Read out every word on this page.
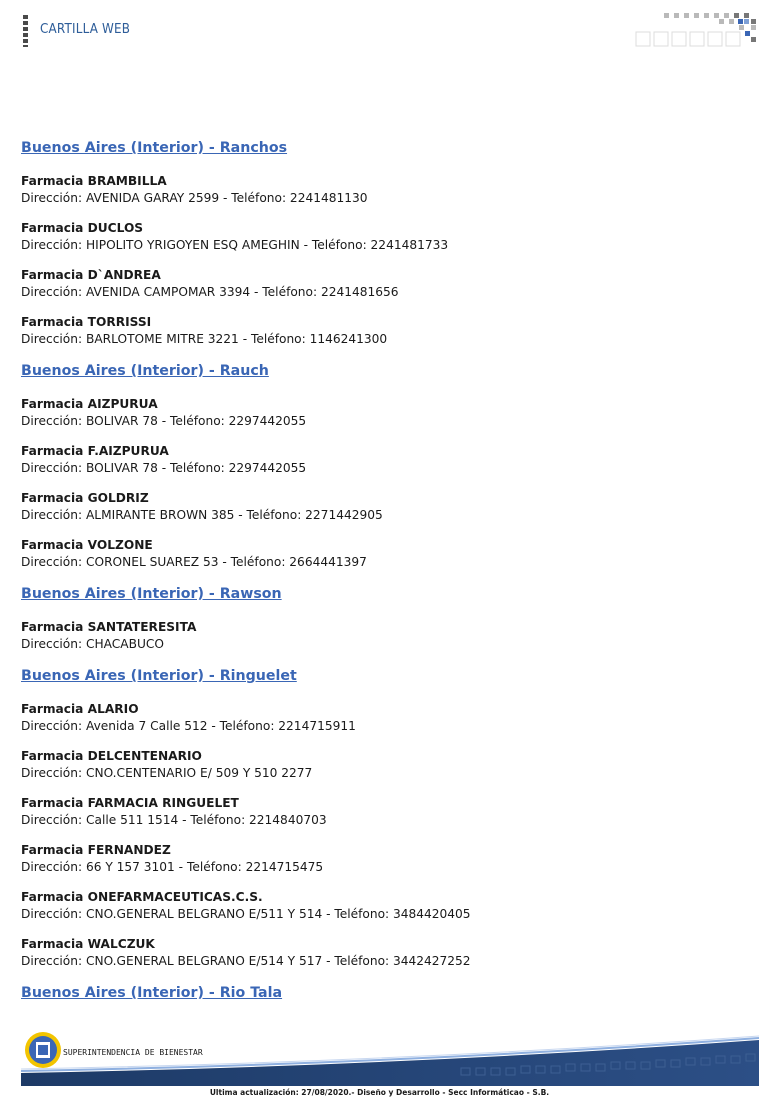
CARTILLA WEB
Buenos Aires (Interior) - Ranchos
Farmacia BRAMBILLA
Dirección: AVENIDA GARAY 2599 - Teléfono: 2241481130
Farmacia DUCLOS
Dirección: HIPOLITO YRIGOYEN ESQ AMEGHIN - Teléfono: 2241481733
Farmacia D`ANDREA
Dirección: AVENIDA CAMPOMAR 3394 - Teléfono: 2241481656
Farmacia TORRISSI
Dirección: BARLOTOME MITRE 3221 - Teléfono: 1146241300
Buenos Aires (Interior) - Rauch
Farmacia AIZPURUA
Dirección: BOLIVAR 78 - Teléfono: 2297442055
Farmacia F.AIZPURUA
Dirección: BOLIVAR 78 - Teléfono: 2297442055
Farmacia GOLDRIZ
Dirección: ALMIRANTE BROWN 385 - Teléfono: 2271442905
Farmacia VOLZONE
Dirección: CORONEL SUAREZ 53 - Teléfono: 2664441397
Buenos Aires (Interior) - Rawson
Farmacia SANTATERESITA
Dirección: CHACABUCO
Buenos Aires (Interior) - Ringuelet
Farmacia ALARIO
Dirección: Avenida 7 Calle 512 - Teléfono: 2214715911
Farmacia DELCENTENARIO
Dirección: CNO.CENTENARIO E/ 509 Y 510 2277
Farmacia FARMACIA RINGUELET
Dirección: Calle 511 1514 - Teléfono: 2214840703
Farmacia FERNANDEZ
Dirección: 66 Y 157 3101 - Teléfono: 2214715475
Farmacia ONEFARMACEUTICAS.C.S.
Dirección: CNO.GENERAL BELGRANO E/511 Y 514 - Teléfono: 3484420405
Farmacia WALCZUK
Dirección: CNO.GENERAL BELGRANO E/514 Y 517 - Teléfono: 3442427252
Buenos Aires (Interior) - Rio Tala
SUPERINTENDENCIA DE BIENESTAR
Ultima actualización: 27/08/2020.- Diseño y Desarrollo - Secc Informáticao - S.B.
